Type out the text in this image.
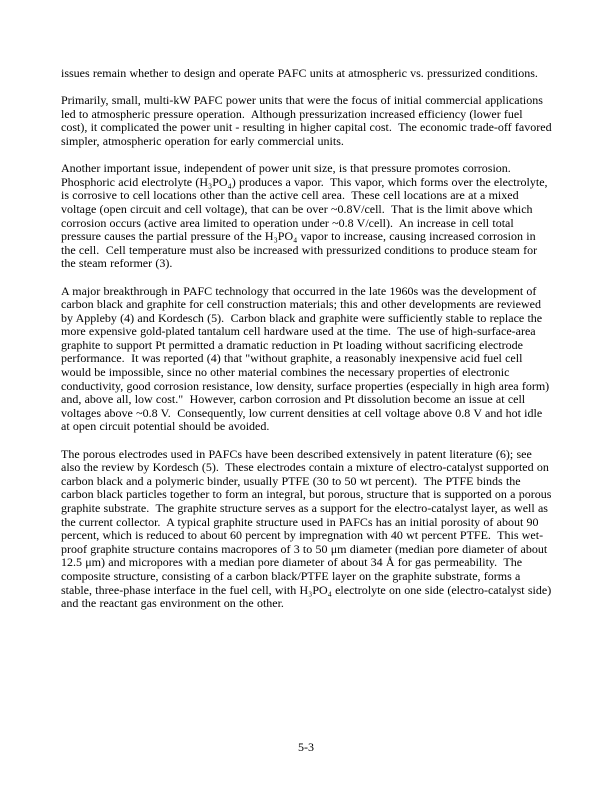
issues remain whether to design and operate PAFC units at atmospheric vs. pressurized conditions.

Primarily, small, multi-kW PAFC power units that were the focus of initial commercial applications led to atmospheric pressure operation.  Although pressurization increased efficiency (lower fuel cost), it complicated the power unit - resulting in higher capital cost.  The economic trade-off favored simpler, atmospheric operation for early commercial units.

Another important issue, independent of power unit size, is that pressure promotes corrosion.  Phosphoric acid electrolyte (H₃PO₄) produces a vapor.  This vapor, which forms over the electrolyte, is corrosive to cell locations other than the active cell area.  These cell locations are at a mixed voltage (open circuit and cell voltage), that can be over ~0.8V/cell.  That is the limit above which corrosion occurs (active area limited to operation under ~0.8 V/cell).  An increase in cell total pressure causes the partial pressure of the H₃PO₄ vapor to increase, causing increased corrosion in the cell.  Cell temperature must also be increased with pressurized conditions to produce steam for the steam reformer (3).

A major breakthrough in PAFC technology that occurred in the late 1960s was the development of carbon black and graphite for cell construction materials; this and other developments are reviewed by Appleby (4) and Kordesch (5).  Carbon black and graphite were sufficiently stable to replace the more expensive gold-plated tantalum cell hardware used at the time.  The use of high-surface-area graphite to support Pt permitted a dramatic reduction in Pt loading without sacrificing electrode performance.  It was reported (4) that "without graphite, a reasonably inexpensive acid fuel cell would be impossible, since no other material combines the necessary properties of electronic conductivity, good corrosion resistance, low density, surface properties (especially in high area form) and, above all, low cost."  However, carbon corrosion and Pt dissolution become an issue at cell voltages above ~0.8 V.  Consequently, low current densities at cell voltage above 0.8 V and hot idle at open circuit potential should be avoided.

The porous electrodes used in PAFCs have been described extensively in patent literature (6); see also the review by Kordesch (5).  These electrodes contain a mixture of electro-catalyst supported on carbon black and a polymeric binder, usually PTFE (30 to 50 wt percent).  The PTFE binds the carbon black particles together to form an integral, but porous, structure that is supported on a porous graphite substrate.  The graphite structure serves as a support for the electro-catalyst layer, as well as the current collector.  A typical graphite structure used in PAFCs has an initial porosity of about 90 percent, which is reduced to about 60 percent by impregnation with 40 wt percent PTFE.  This wet-proof graphite structure contains macropores of 3 to 50 μm diameter (median pore diameter of about 12.5 μm) and micropores with a median pore diameter of about 34 Å for gas permeability.  The composite structure, consisting of a carbon black/PTFE layer on the graphite substrate, forms a stable, three-phase interface in the fuel cell, with H₃PO₄ electrolyte on one side (electro-catalyst side) and the reactant gas environment on the other.

5-3
